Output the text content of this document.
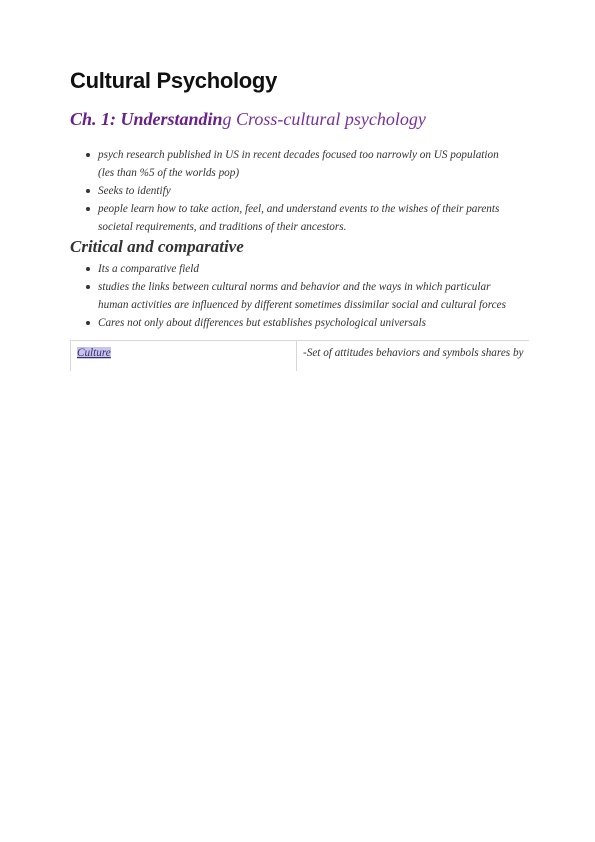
Cultural Psychology
Ch. 1: Understanding Cross-cultural psychology
psych research published in US in recent decades focused too narrowly on US population
(les than %5 of the worlds pop)
Seeks to identify
people learn how to take action, feel, and understand events to the wishes of their parents
societal requirements, and traditions of their ancestors.
Critical and comparative
Its a comparative field
studies the links between cultural norms and behavior and the ways in which particular
human activities are influenced by different sometimes dissimilar social and cultural forces
Cares not only about differences but establishes psychological universals
Culture	-Set of attitudes behaviors and symbols shares by
